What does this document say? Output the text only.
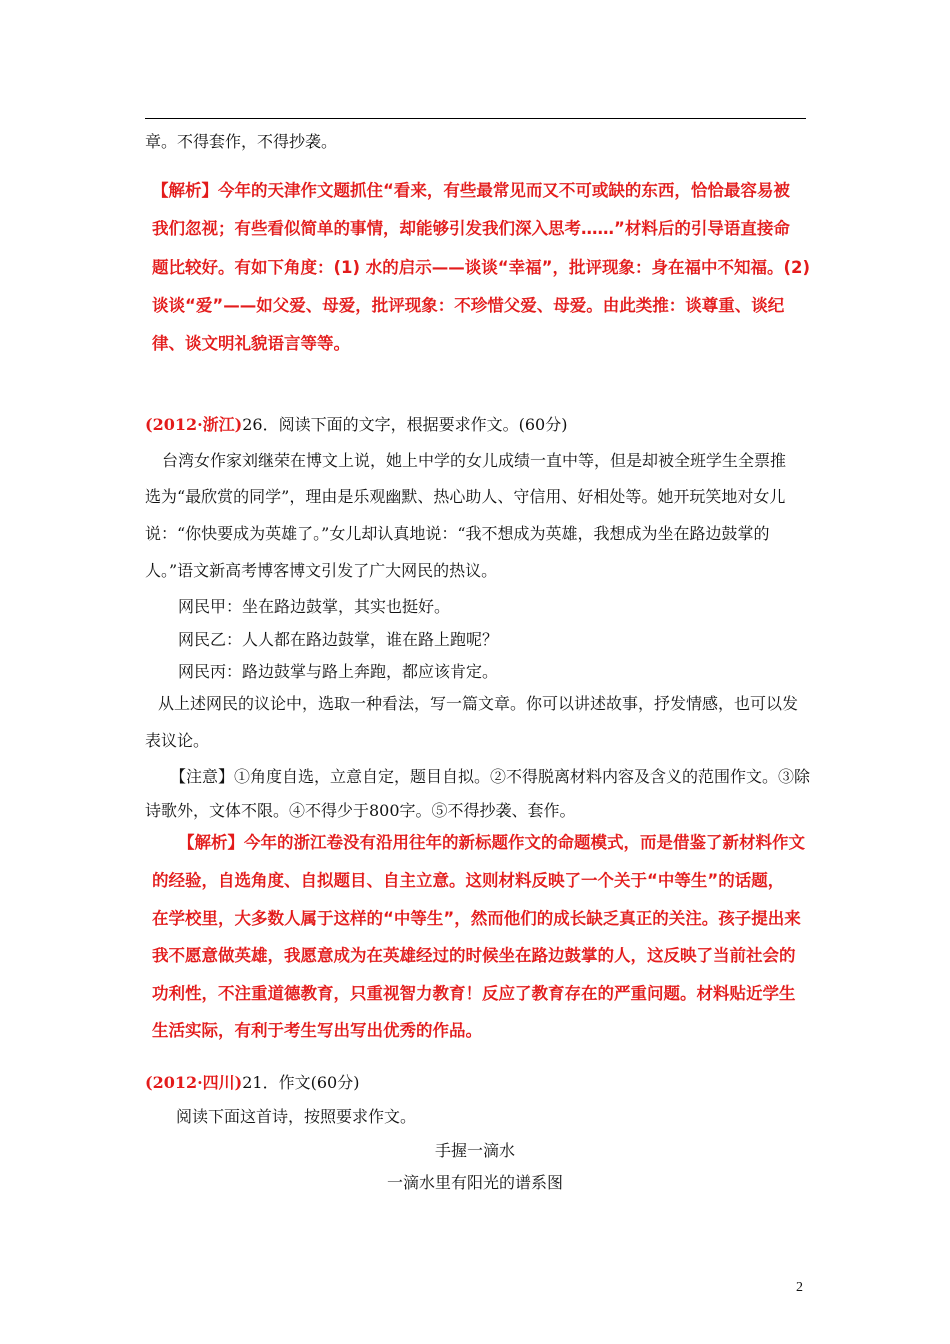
章。不得套作，不得抄袭。
【解析】今年的天津作文题抓住“看来，有些最常见而又不可或缺的东西，恰恰最容易被
我们忽视；有些看似简单的事情，却能够引发我们深入思考……”材料后的引导语直接命
题比较好。有如下角度：(1) 水的启示——谈谈“幸福”，批评现象：身在福中不知福。(2)
谈谈“爱”——如父爱、母爱，批评现象：不珍惜父爱、母爱。由此类推：谈尊重、谈纪
律、谈文明礼貌语言等等。
(2012·浙江)26．阅读下面的文字，根据要求作文。(60分)
台湾女作家刘继荣在博文上说，她上中学的女儿成绩一直中等，但是却被全班学生全票推
选为“最欣赏的同学”，理由是乐观幽默、热心助人、守信用、好相处等。她开玩笑地对女儿
说：“你快要成为英雄了。”女儿却认真地说：“我不想成为英雄，我想成为坐在路边鼓掌的
人。”语文新高考博客博文引发了广大网民的热议。
网民甲：坐在路边鼓掌，其实也挺好。
网民乙：人人都在路边鼓掌，谁在路上跑呢？
网民丙：路边鼓掌与路上奔跑，都应该肯定。
从上述网民的议论中，选取一种看法，写一篇文章。你可以讲述故事，抒发情感，也可以发
表议论。
【注意】①角度自选，立意自定，题目自拟。②不得脱离材料内容及含义的范围作文。③除
诗歌外，文体不限。④不得少于800字。⑤不得抄袭、套作。
【解析】今年的浙江卷没有沿用往年的新标题作文的命题模式，而是借鉴了新材料作文
的经验，自选角度、自拟题目、自主立意。这则材料反映了一个关于“中等生”的话题，
在学校里，大多数人属于这样的“中等生”，然而他们的成长缺乏真正的关注。孩子提出来
我不愿意做英雄，我愿意成为在英雄经过的时候坐在路边鼓掌的人，这反映了当前社会的
功利性，不注重道德教育，只重视智力教育！反应了教育存在的严重问题。材料贴近学生
生活实际，有利于考生写出写出优秀的作品。
(2012·四川)21．作文(60分)
阅读下面这首诗，按照要求作文。
手握一滴水
一滴水里有阳光的谱系图
2
